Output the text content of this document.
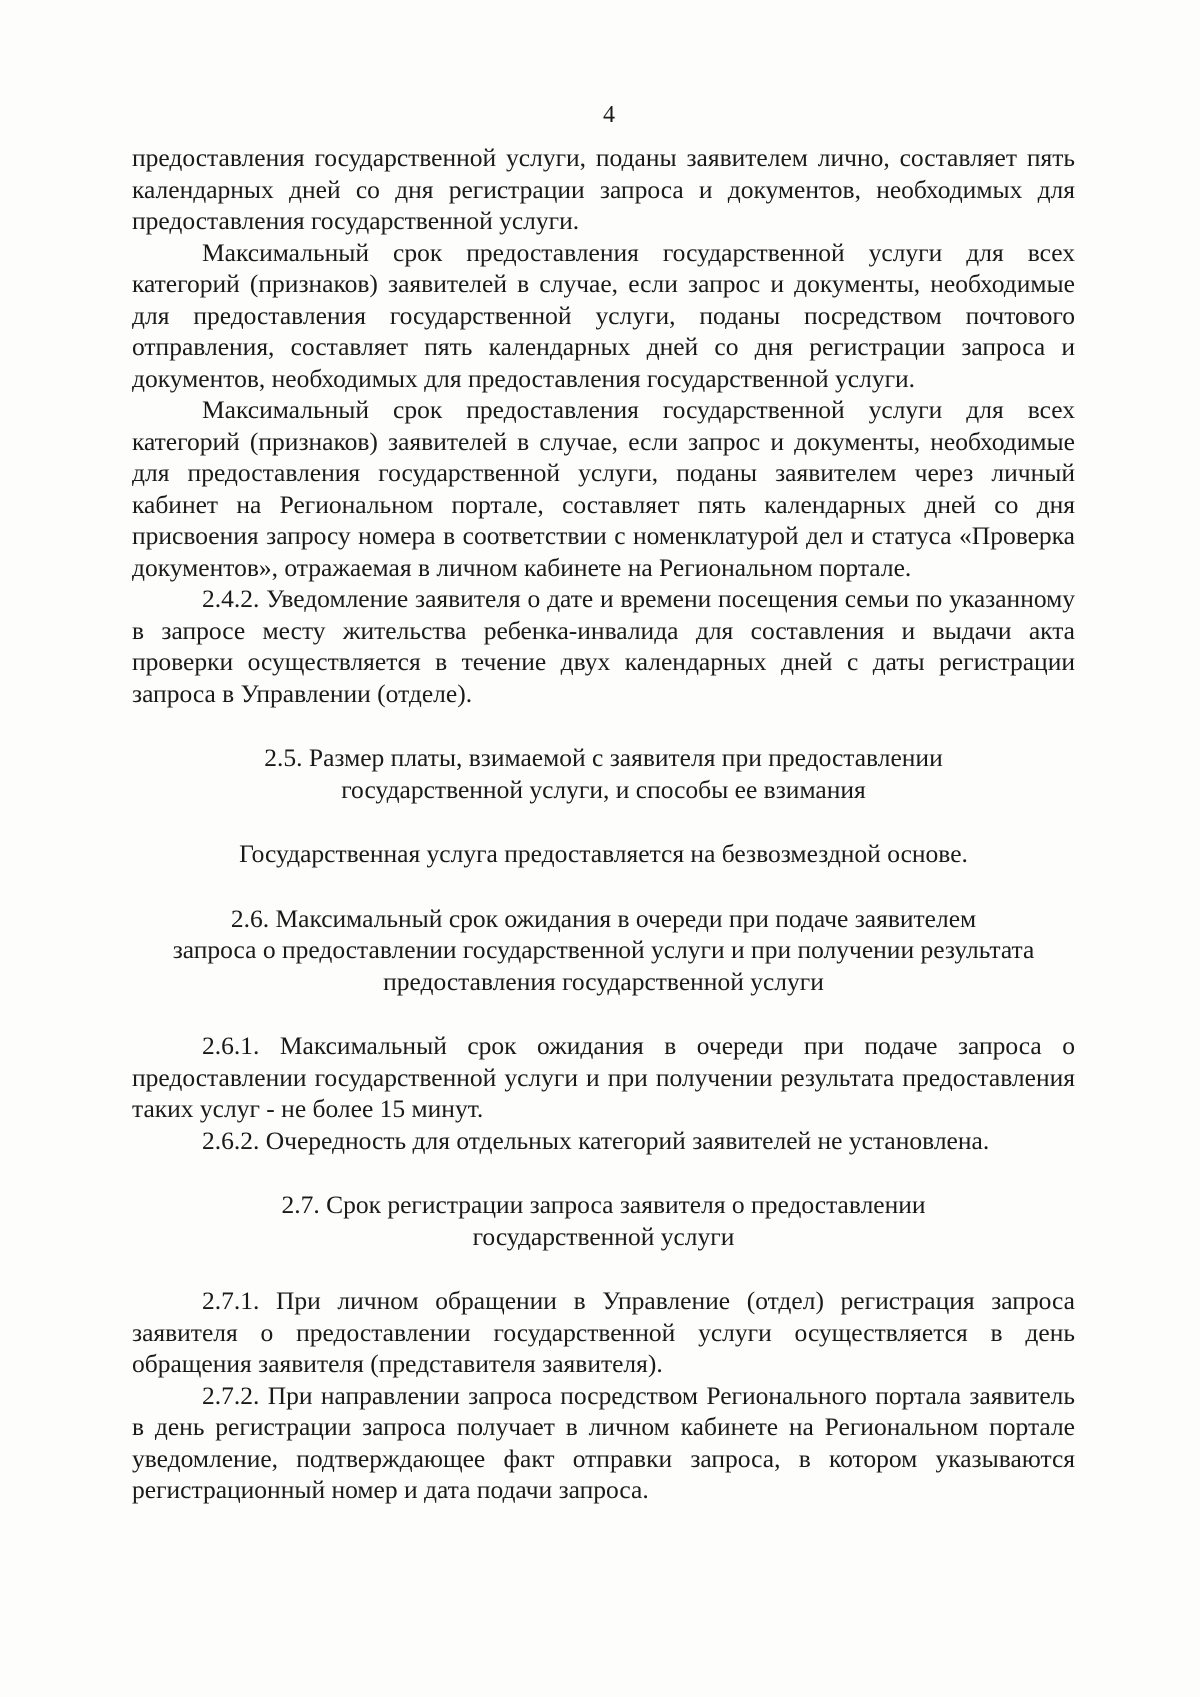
4

предоставления государственной услуги, поданы заявителем лично, составляет пять календарных дней со дня регистрации запроса и документов, необходимых для предоставления государственной услуги.

Максимальный срок предоставления государственной услуги для всех категорий (признаков) заявителей в случае, если запрос и документы, необходимые для предоставления государственной услуги, поданы посредством почтового отправления, составляет пять календарных дней со дня регистрации запроса и документов, необходимых для предоставления государственной услуги.

Максимальный срок предоставления государственной услуги для всех категорий (признаков) заявителей в случае, если запрос и документы, необходимые для предоставления государственной услуги, поданы заявителем через личный кабинет на Региональном портале, составляет пять календарных дней со дня присвоения запросу номера в соответствии с номенклатурой дел и статуса «Проверка документов», отражаемая в личном кабинете на Региональном портале.

2.4.2. Уведомление заявителя о дате и времени посещения семьи по указанному в запросе месту жительства ребенка-инвалида для составления и выдачи акта проверки осуществляется в течение двух календарных дней с даты регистрации запроса в Управлении (отделе).

2.5. Размер платы, взимаемой с заявителя при предоставлении
государственной услуги, и способы ее взимания

Государственная услуга предоставляется на безвозмездной основе.

2.6. Максимальный срок ожидания в очереди при подаче заявителем
запроса о предоставлении государственной услуги и при получении результата
предоставления государственной услуги

2.6.1. Максимальный срок ожидания в очереди при подаче запроса о предоставлении государственной услуги и при получении результата предоставления таких услуг - не более 15 минут.

2.6.2. Очередность для отдельных категорий заявителей не установлена.

2.7. Срок регистрации запроса заявителя о предоставлении
государственной услуги

2.7.1. При личном обращении в Управление (отдел) регистрация запроса заявителя о предоставлении государственной услуги осуществляется в день обращения заявителя (представителя заявителя).

2.7.2. При направлении запроса посредством Регионального портала заявитель в день регистрации запроса получает в личном кабинете на Региональном портале уведомление, подтверждающее факт отправки запроса, в котором указываются регистрационный номер и дата подачи запроса.
